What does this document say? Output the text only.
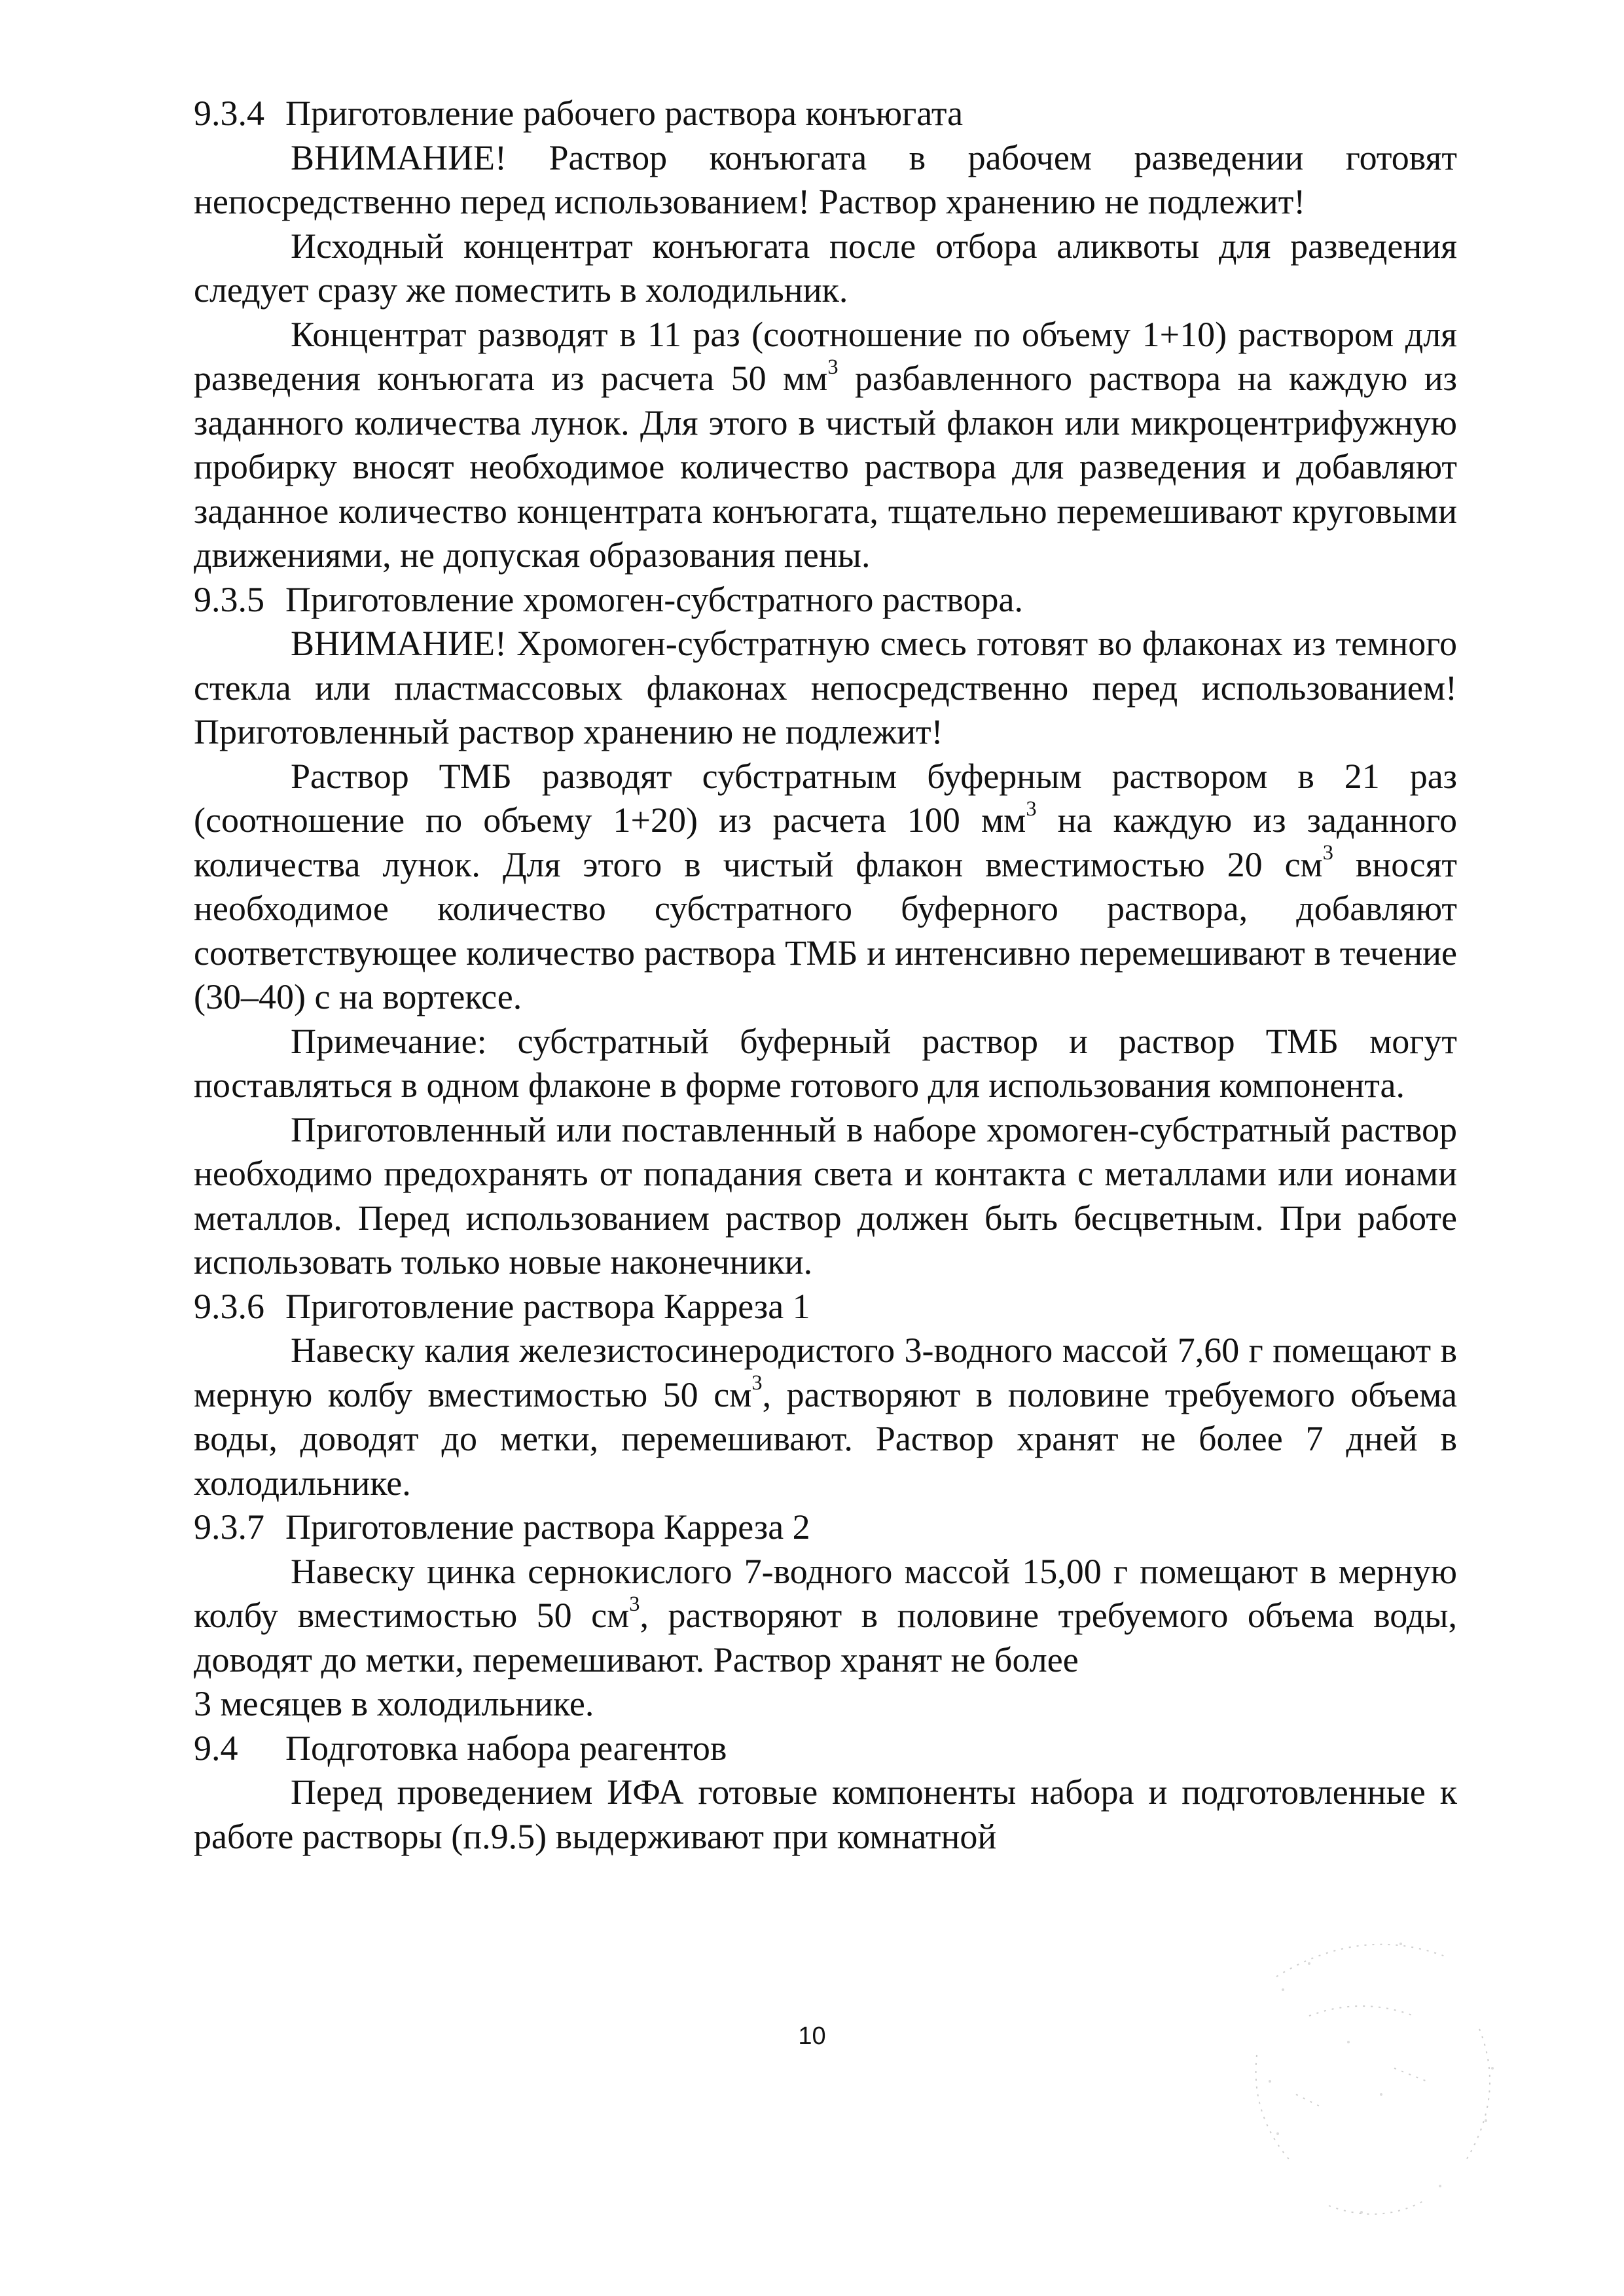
9.3.4 Приготовление рабочего раствора конъюгата

ВНИМАНИЕ! Раствор конъюгата в рабочем разведении готовят непосредственно перед использованием! Раствор хранению не подлежит!

Исходный концентрат конъюгата после отбора аликвоты для разведения следует сразу же поместить в холодильник.

Концентрат разводят в 11 раз (соотношение по объему 1+10) раствором для разведения конъюгата из расчета 50 $мм^3$ разбавленного раствора на каждую из заданного количества лунок. Для этого в чистый флакон или микроцентрифужную пробирку вносят необходимое количество раствора для разведения и добавляют заданное количество концентрата конъюгата, тщательно перемешивают круговыми движениями, не допуская образования пены.

9.3.5 Приготовление хромоген-субстратного раствора.

ВНИМАНИЕ! Хромоген-субстратную смесь готовят во флаконах из темного стекла или пластмассовых флаконах непосредственно перед использованием! Приготовленный раствор хранению не подлежит!

Раствор ТМБ разводят субстратным буферным раствором в 21 раз (соотношение по объему 1+20) из расчета 100 $мм^3$ на каждую из заданного количества лунок. Для этого в чистый флакон вместимостью 20 $см^3$ вносят необходимое количество субстратного буферного раствора, добавляют соответствующее количество раствора ТМБ и интенсивно перемешивают в течение (30–40) с на вортексе.

Примечание: субстратный буферный раствор и раствор ТМБ могут поставляться в одном флаконе в форме готового для использования компонента.

Приготовленный или поставленный в наборе хромоген-субстратный раствор необходимо предохранять от попадания света и контакта с металлами или ионами металлов. Перед использованием раствор должен быть бесцветным. При работе использовать только новые наконечники.

9.3.6 Приготовление раствора Карреза 1

Навеску калия железистосинеродистого 3-водного массой 7,60 г помещают в мерную колбу вместимостью 50 $см^3$, растворяют в половине требуемого объема воды, доводят до метки, перемешивают. Раствор хранят не более 7 дней в холодильнике.

9.3.7 Приготовление раствора Карреза 2

Навеску цинка сернокислого 7-водного массой 15,00 г помещают в мерную колбу вместимостью 50 $см^3$, растворяют в половине требуемого объема воды, доводят до метки, перемешивают. Раствор хранят не более

3 месяцев в холодильнике.

9.4 Подготовка набора реагентов

Перед проведением ИФА готовые компоненты набора и подготовленные к работе растворы (п.9.5) выдерживают при комнатной

10
